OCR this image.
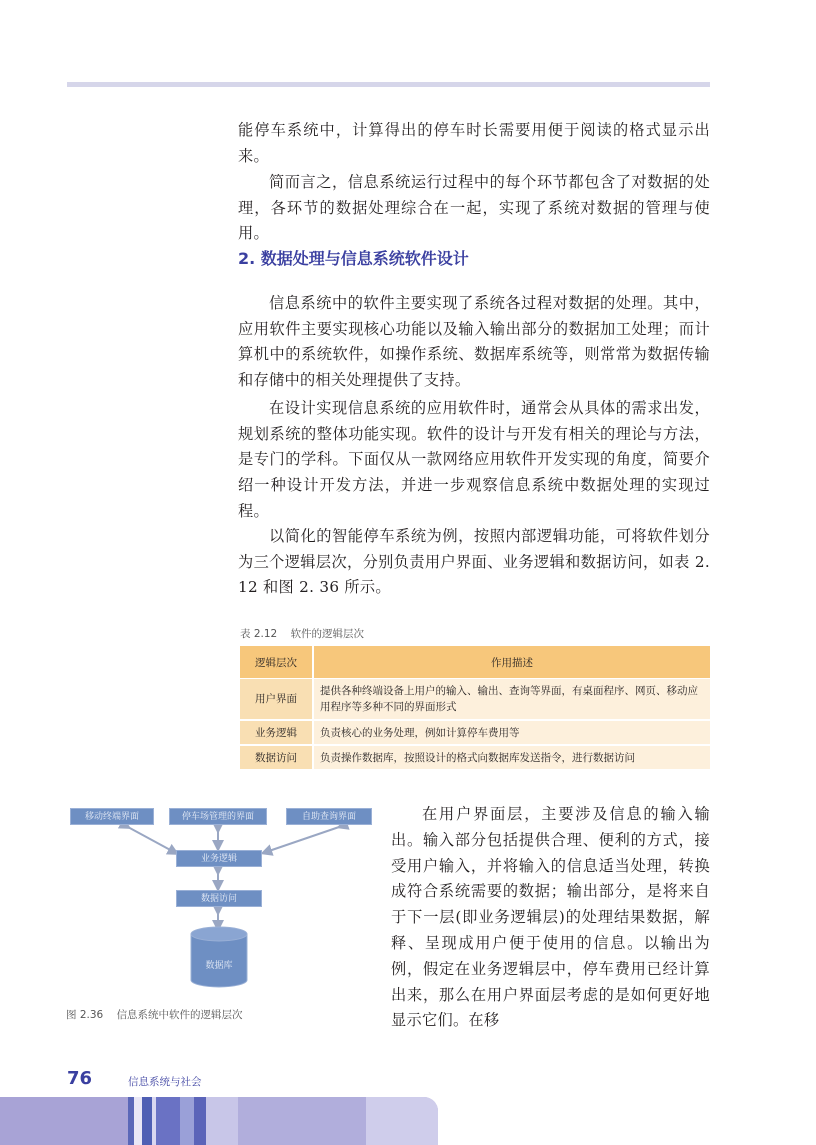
能停车系统中，计算得出的停车时长需要用便于阅读的格式显示出来。

简而言之，信息系统运行过程中的每个环节都包含了对数据的处理，各环节的数据处理综合在一起，实现了系统对数据的管理与使用。

2. 数据处理与信息系统软件设计

信息系统中的软件主要实现了系统各过程对数据的处理。其中，应用软件主要实现核心功能以及输入输出部分的数据加工处理；而计算机中的系统软件，如操作系统、数据库系统等，则常常为数据传输和存储中的相关处理提供了支持。

在设计实现信息系统的应用软件时，通常会从具体的需求出发，规划系统的整体功能实现。软件的设计与开发有相关的理论与方法，是专门的学科。下面仅从一款网络应用软件开发实现的角度，简要介绍一种设计开发方法，并进一步观察信息系统中数据处理的实现过程。

以简化的智能停车系统为例，按照内部逻辑功能，可将软件划分为三个逻辑层次，分别负责用户界面、业务逻辑和数据访问，如表 2. 12 和图 2. 36 所示。

表 2.12 软件的逻辑层次
逻辑层次	作用描述
用户界面	提供各种终端设备上用户的输入、输出、查询等界面，有桌面程序、网页、移动应用程序等多种不同的界面形式
业务逻辑	负责核心的业务处理，例如计算停车费用等
数据访问	负责操作数据库，按照设计的格式向数据库发送指令，进行数据访问
移动终端界面	停车场管理的界面	自助查询界面
业务逻辑
数据访问
数据库
图 2.36 信息系统中软件的逻辑层次

在用户界面层，主要涉及信息的输入输出。输入部分包括提供合理、便利的方式，接受用户输入，并将输入的信息适当处理，转换成符合系统需要的数据；输出部分，是将来自于下一层(即业务逻辑层)的处理结果数据，解释、呈现成用户便于使用的信息。以输出为例，假定在业务逻辑层中，停车费用已经计算出来，那么在用户界面层考虑的是如何更好地显示它们。在移

76	信息系统与社会
